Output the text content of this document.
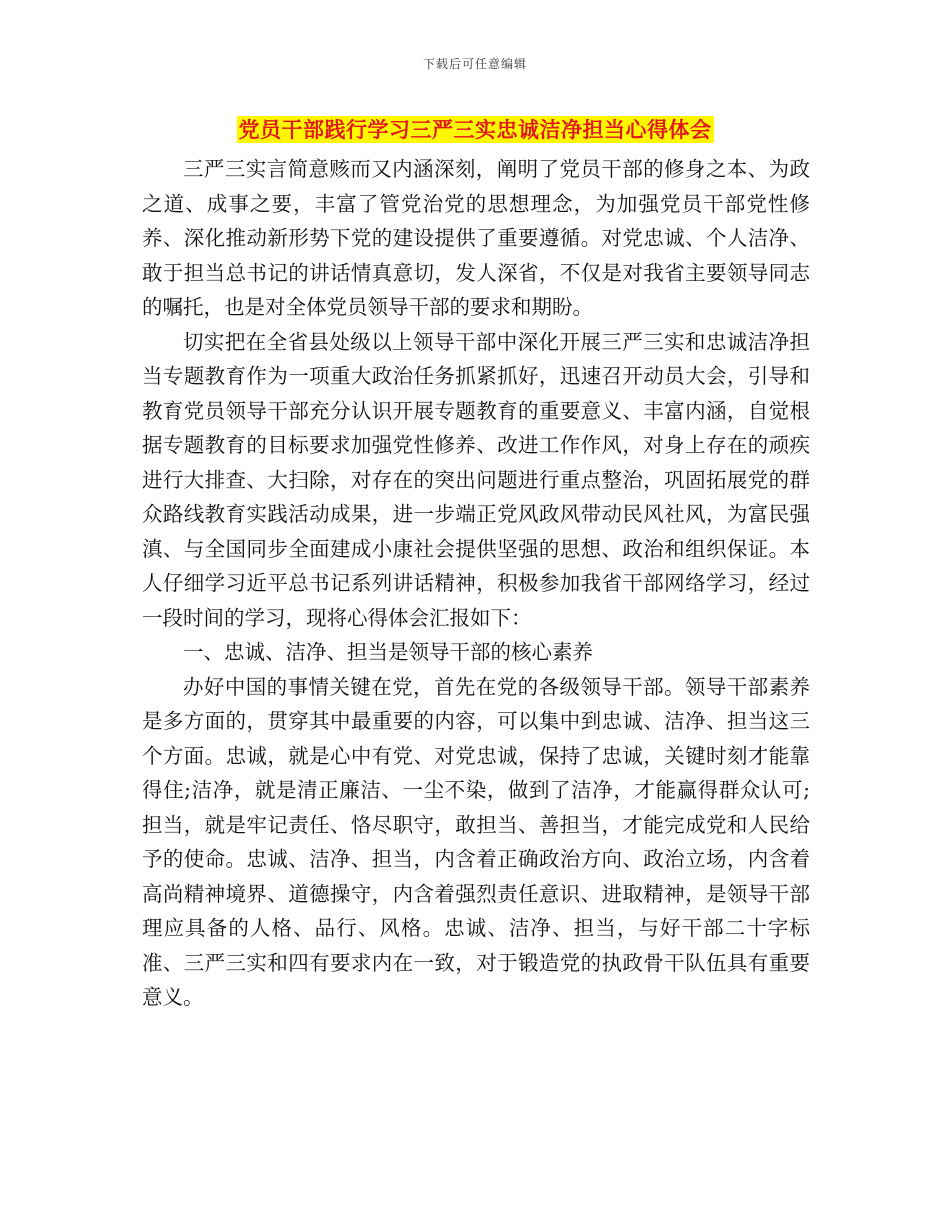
下载后可任意编辑
党员干部践行学习三严三实忠诚洁净担当心得体会

三严三实言简意赅而又内涵深刻，阐明了党员干部的修身之本、为政之道、成事之要，丰富了管党治党的思想理念，为加强党员干部党性修养、深化推动新形势下党的建设提供了重要遵循。对党忠诚、个人洁净、敢于担当总书记的讲话情真意切，发人深省，不仅是对我省主要领导同志的嘱托，也是对全体党员领导干部的要求和期盼。

切实把在全省县处级以上领导干部中深化开展三严三实和忠诚洁净担当专题教育作为一项重大政治任务抓紧抓好，迅速召开动员大会，引导和教育党员领导干部充分认识开展专题教育的重要意义、丰富内涵，自觉根据专题教育的目标要求加强党性修养、改进工作作风，对身上存在的顽疾进行大排查、大扫除，对存在的突出问题进行重点整治，巩固拓展党的群众路线教育实践活动成果，进一步端正党风政风带动民风社风，为富民强滇、与全国同步全面建成小康社会提供坚强的思想、政治和组织保证。本人仔细学习近平总书记系列讲话精神，积极参加我省干部网络学习，经过一段时间的学习，现将心得体会汇报如下：

一、忠诚、洁净、担当是领导干部的核心素养

办好中国的事情关键在党，首先在党的各级领导干部。领导干部素养是多方面的，贯穿其中最重要的内容，可以集中到忠诚、洁净、担当这三个方面。忠诚，就是心中有党、对党忠诚，保持了忠诚，关键时刻才能靠得住;洁净，就是清正廉洁、一尘不染，做到了洁净，才能赢得群众认可;担当，就是牢记责任、恪尽职守，敢担当、善担当，才能完成党和人民给予的使命。忠诚、洁净、担当，内含着正确政治方向、政治立场，内含着高尚精神境界、道德操守，内含着强烈责任意识、进取精神，是领导干部理应具备的人格、品行、风格。忠诚、洁净、担当，与好干部二十字标准、三严三实和四有要求内在一致，对于锻造党的执政骨干队伍具有重要意义。
